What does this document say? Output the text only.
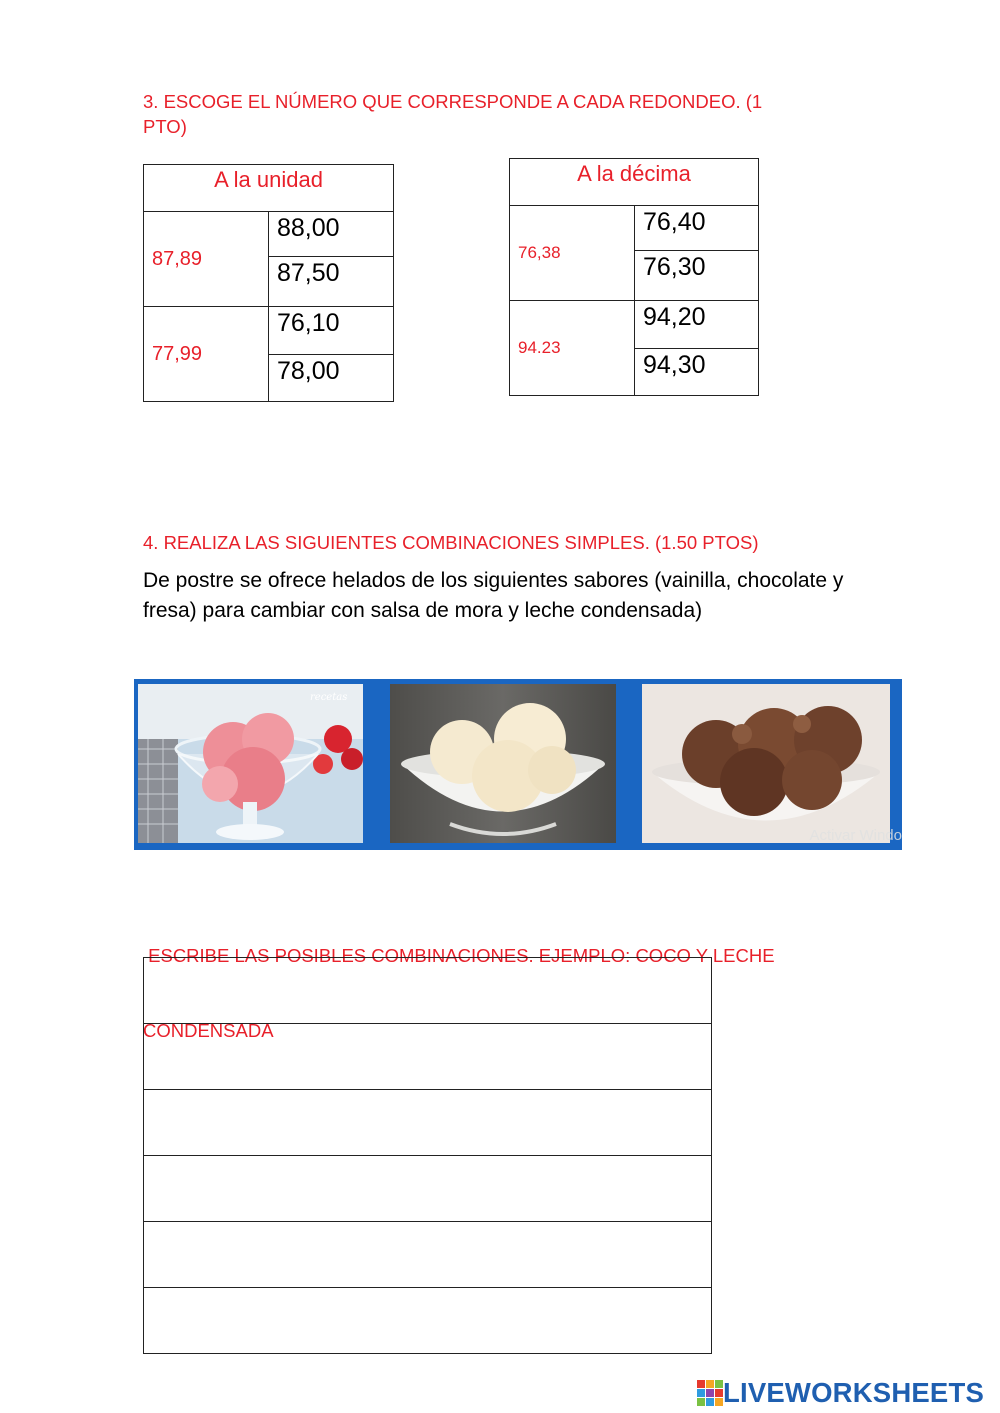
3. ESCOGE EL NÚMERO QUE CORRESPONDE A CADA REDONDEO. (1
PTO)
A la unidad	
87,89	88,00
	87,50
77,99	76,10
	78,00
A la décima	
76,38	76,40
	76,30
94.23	94,20
	94,30
4. REALIZA LAS SIGUIENTES COMBINACIONES SIMPLES. (1.50 PTOS)
De postre se ofrece helados de los siguientes sabores (vainilla, chocolate y fresa) para cambiar con salsa de mora y leche condensada)
recetas
Activar Windo

ESCRIBE LAS POSIBLES COMBINACIONES. EJEMPLO: COCO Y LECHE

CONDENSADA

LIVEWORKSHEETS
